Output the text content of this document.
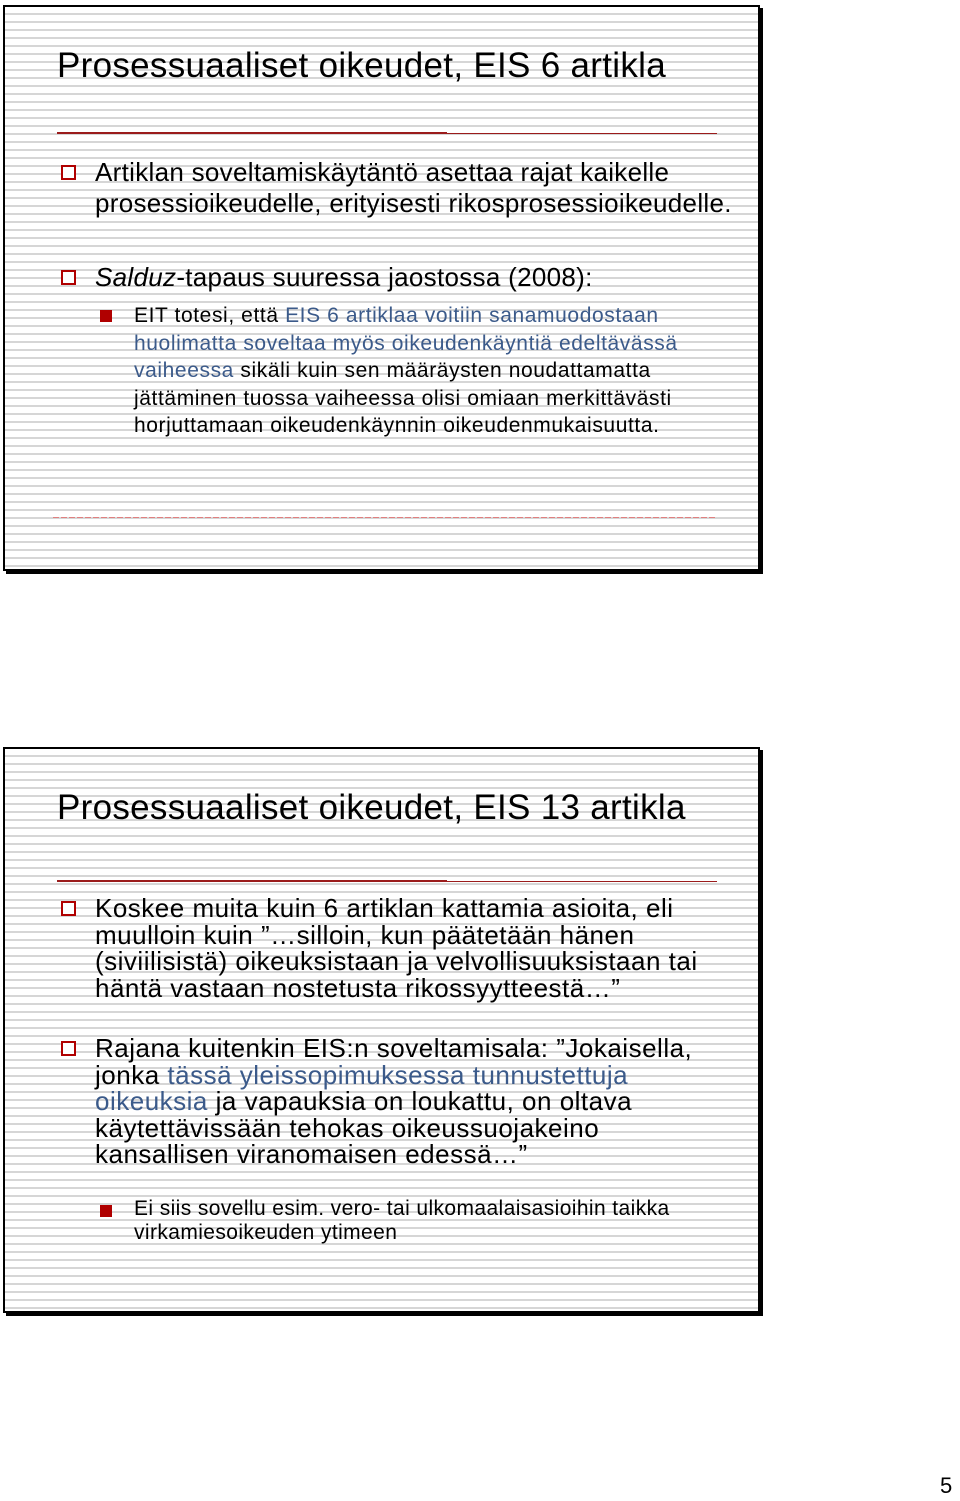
Prosessuaaliset oikeudet, EIS 6 artikla

Artiklan soveltamiskäytäntö asettaa rajat kaikelle prosessioikeudelle, erityisesti rikosprosessioikeudelle.

Salduz-tapaus suuressa jaostossa (2008):

EIT totesi, että EIS 6 artiklaa voitiin sanamuodostaan huolimatta soveltaa myös oikeudenkäyntiä edeltävässä vaiheessa sikäli kuin sen määräysten noudattamatta jättäminen tuossa vaiheessa olisi omiaan merkittävästi horjuttamaan oikeudenkäynnin oikeudenmukaisuutta.

Prosessuaaliset oikeudet, EIS 13 artikla

Koskee muita kuin 6 artiklan kattamia asioita, eli muulloin kuin ”…silloin, kun päätetään hänen (siviilisistä) oikeuksistaan ja velvollisuuksistaan tai häntä vastaan nostetusta rikossyytteestä…”

Rajana kuitenkin EIS:n soveltamisala: ”Jokaisella, jonka tässä yleissopimuksessa tunnustettuja oikeuksia ja vapauksia on loukattu, on oltava käytettävissään tehokas oikeussuojakeino kansallisen viranomaisen edessä…”

Ei siis sovellu esim. vero- tai ulkomaalaisasioihin taikka virkamiesoikeuden ytimeen

5
